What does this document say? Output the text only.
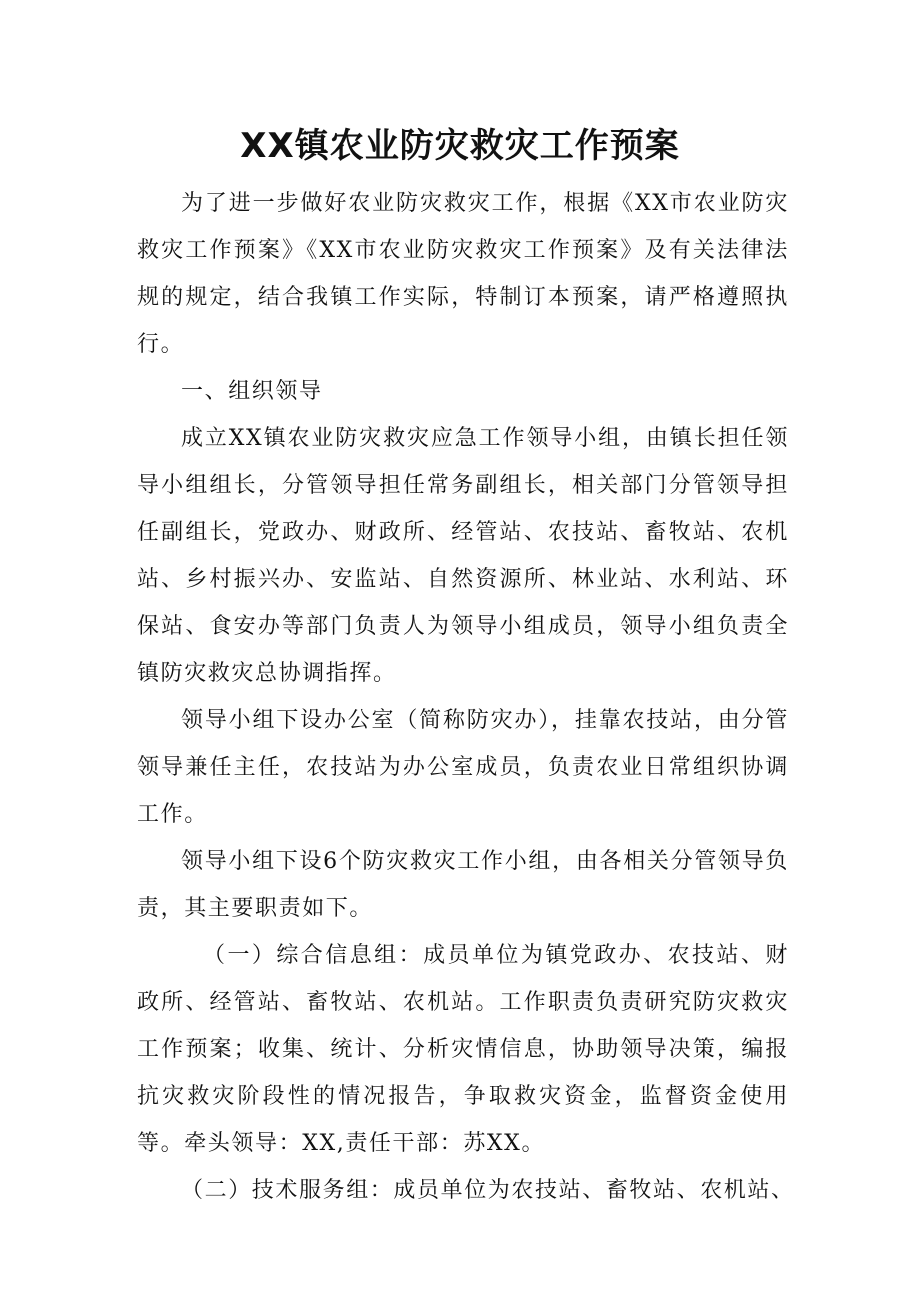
XX镇农业防灾救灾工作预案

为了进一步做好农业防灾救灾工作，根据《XX市农业防灾救灾工作预案》《XX市农业防灾救灾工作预案》及有关法律法规的规定，结合我镇工作实际，特制订本预案，请严格遵照执行。

一、组织领导

成立XX镇农业防灾救灾应急工作领导小组，由镇长担任领导小组组长，分管领导担任常务副组长，相关部门分管领导担任副组长，党政办、财政所、经管站、农技站、畜牧站、农机站、乡村振兴办、安监站、自然资源所、林业站、水利站、环保站、食安办等部门负责人为领导小组成员，领导小组负责全镇防灾救灾总协调指挥。

领导小组下设办公室（简称防灾办），挂靠农技站，由分管领导兼任主任，农技站为办公室成员，负责农业日常组织协调工作。

领导小组下设6个防灾救灾工作小组，由各相关分管领导负责，其主要职责如下。

（一）综合信息组：成员单位为镇党政办、农技站、财政所、经管站、畜牧站、农机站。工作职责负责研究防灾救灾工作预案；收集、统计、分析灾情信息，协助领导决策，编报抗灾救灾阶段性的情况报告，争取救灾资金，监督资金使用等。牵头领导：XX,责任干部：苏XX。

（二）技术服务组：成员单位为农技站、畜牧站、农机站、
